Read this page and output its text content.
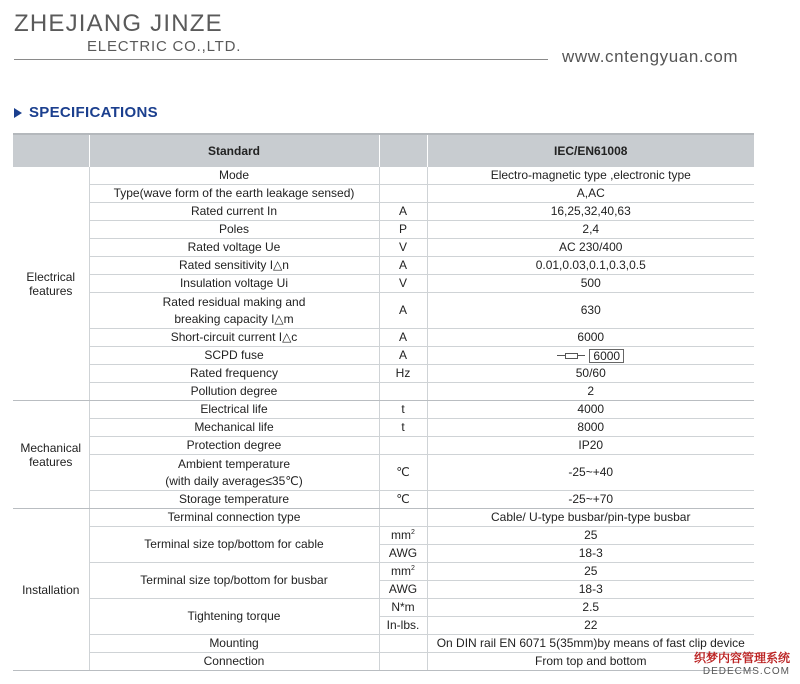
ZHEJIANG JINZE
ELECTRIC CO.,LTD.
www.cntengyuan.com
SPECIFICATIONS
	Standard		IEC/EN61008
Electrical
features	Mode		Electro-magnetic type ,electronic type
	Type(wave form of the earth leakage sensed)		A,AC
	Rated current In	A	16,25,32,40,63
	Poles	P	2,4
	Rated voltage Ue	V	AC 230/400
	Rated sensitivity I△n	A	0.01,0.03,0.1,0.3,0.5
	Insulation voltage Ui	V	500
	Rated residual making and
breaking capacity I△m	A	630
	Short-circuit current I△c	A	6000
	SCPD fuse	A	6000

	Rated frequency	Hz	50/60
	Pollution degree		2
Mechanical
features	Electrical life	t	4000
	Mechanical life	t	8000
	Protection degree		IP20
	Ambient temperature
(with daily average≤35℃)	℃	-25~+40
	Storage temperature	℃	-25~+70
Installation	Terminal connection type		Cable/ U-type busbar/pin-type busbar
	Terminal size top/bottom for cable	$mm^2$	25
		AWG	18-3
	Terminal size top/bottom for busbar	$mm^2$	25
		AWG	18-3
	Tightening torque	N*m	2.5
		In-lbs.	22
	Mounting		On DIN rail EN 6071 5(35mm)by means of fast clip device
	Connection		From top and bottom	织梦内容管理系统
DEDECMS.COM
